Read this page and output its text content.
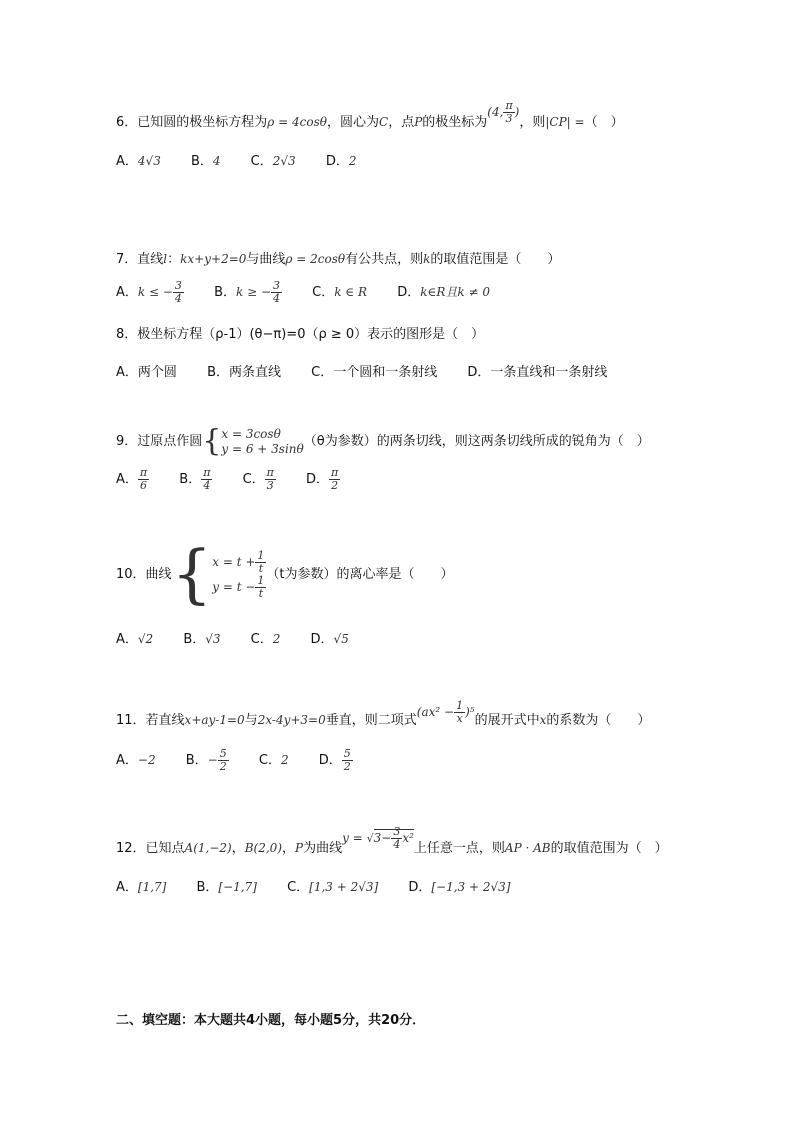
6．已知圆的极坐标方程为ρ = 4cosθ，圆心为C，点P的极坐标为(4, $\frac{\pi}{3}$ )，则|CP| =（　）
A．4√3 B．4 C．2√3 D．2
7．直线l：kx+y+2=0与曲线ρ = 2cosθ有公共点，则k的取值范围是（　　）
A．k ≤ − $\frac{3}{4}$ B．k ≥ − $\frac{3}{4}$ C．k ∈ R D．k∈R且k ≠ 0
8．极坐标方程（ρ-1）(θ−π)=0（ρ ≥ 0）表示的图形是（　）
A．两个圆 B．两条直线 C．一个圆和一条射线 D．一条直线和一条射线
9．过原点作圆{ x = 3cosθ
y = 6 + 3sinθ （θ为参数）的两条切线，则这两条切线所成的锐角为（　）
A． $\frac{\pi}{6}$ B． $\frac{\pi}{4}$ C． $\frac{\pi}{3}$ D． $\frac{\pi}{2}$
10．曲线{ $x = t + \frac{1}{t}$
$y = t - \frac{1}{t} (t$为参数）的离心率是（　　）
A．√2 B．√3 C．2 D．√5
11．若直线x+ay-1=0与2x-4y+3=0垂直，则二项式$(ax^2 - \frac{1}{x} )^5$的展开式中x的系数为（　　）
A．−2 B．− $\frac{5}{2}$ C．2 D． $\frac{5}{2}$
12．已知点A(1,−2)，B(2,0)，P为曲线$y = √3- \frac{3}{4} x^2$上任意一点，则AP · AB的取值范围为（　）
A．[1,7] B．[−1,7] C．[1,3 + 2√3] D．[−1,3 + 2√3]
二、填空题：本大题共4小题，每小题5分，共20分．
